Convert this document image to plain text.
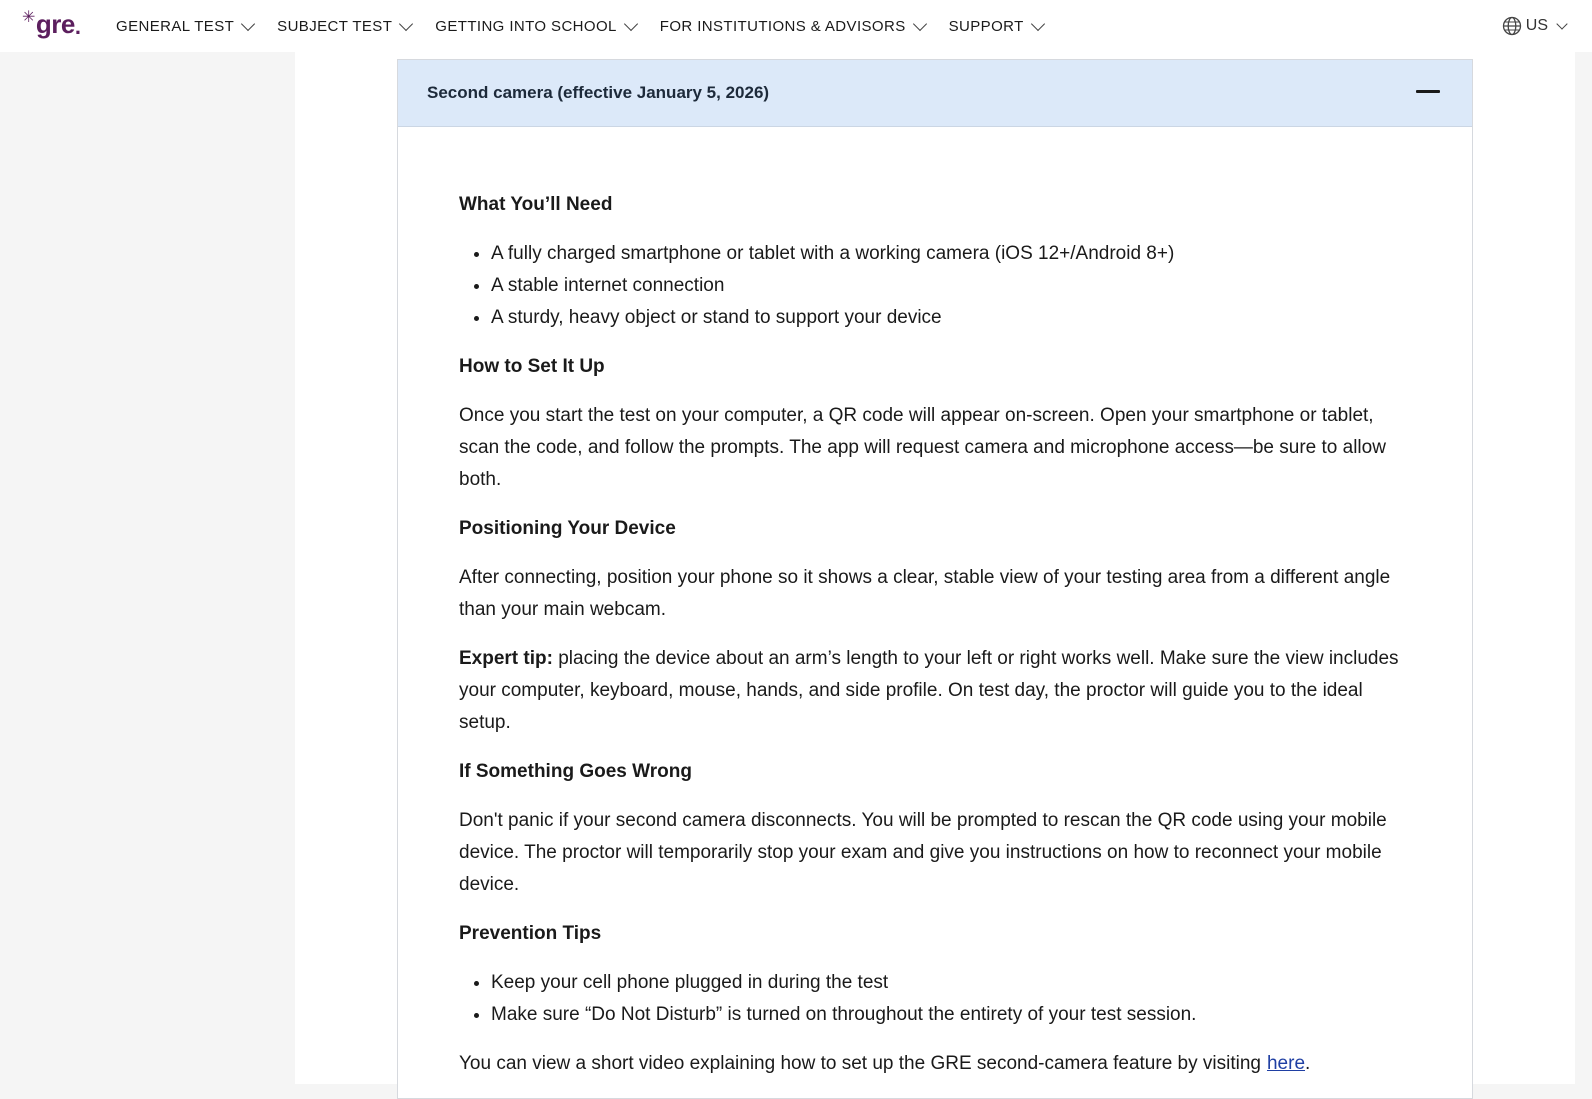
✳ gre . GENERAL TEST	SUBJECT TEST	GETTING INTO SCHOOL	FOR INSTITUTIONS & ADVISORS	SUPPORT	US
Second camera (effective January 5, 2026)
What You’ll Need
• A fully charged smartphone or tablet with a working camera (iOS 12+/Android 8+)
• A stable internet connection
• A sturdy, heavy object or stand to support your device
How to Set It Up

Once you start the test on your computer, a QR code will appear on-screen. Open your smartphone or tablet, scan the code, and follow the prompts. The app will request camera and microphone access—be sure to allow both.

Positioning Your Device

After connecting, position your phone so it shows a clear, stable view of your testing area from a different angle than your main webcam.

Expert tip: placing the device about an arm’s length to your left or right works well. Make sure the view includes your computer, keyboard, mouse, hands, and side profile. On test day, the proctor will guide you to the ideal setup.

If Something Goes Wrong

Don't panic if your second camera disconnects. You will be prompted to rescan the QR code using your mobile device. The proctor will temporarily stop your exam and give you instructions on how to reconnect your mobile device.

Prevention Tips
• Keep your cell phone plugged in during the test
• Make sure “Do Not Disturb” is turned on throughout the entirety of your test session.

You can view a short video explaining how to set up the GRE second-camera feature by visiting here.
